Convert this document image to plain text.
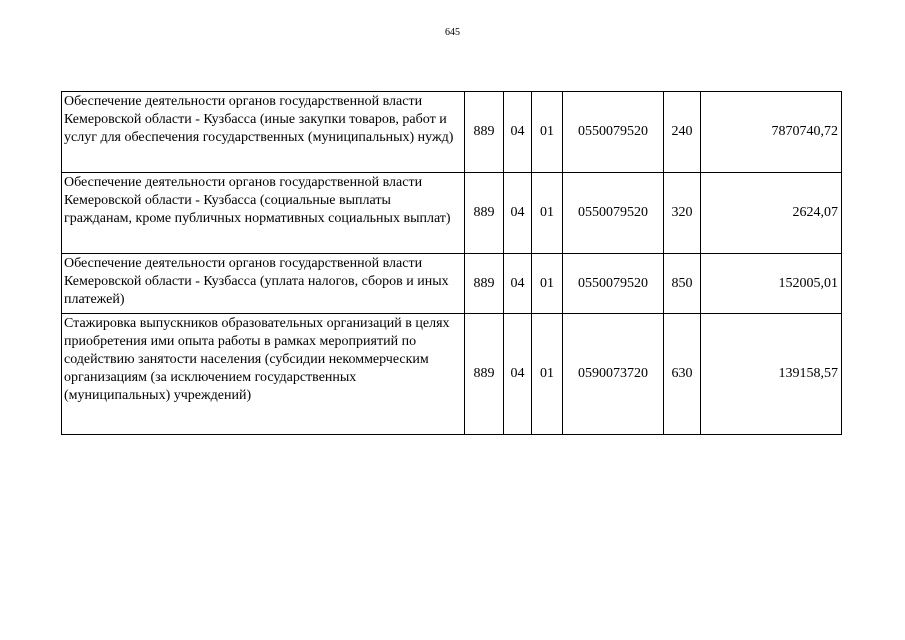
645
Обеспечение деятельности органов государственной власти Кемеровской области - Кузбасса (иные закупки товаров, работ и услуг для обеспечения государственных (муниципальных) нужд)	889	04	01	0550079520	240	7870740,72
Обеспечение деятельности органов государственной власти Кемеровской области - Кузбасса (социальные выплаты гражданам, кроме публичных нормативных социальных выплат)	889	04	01	0550079520	320	2624,07
Обеспечение деятельности органов государственной власти Кемеровской области - Кузбасса (уплата налогов, сборов и иных платежей)	889	04	01	0550079520	850	152005,01
Стажировка выпускников образовательных организаций в целях приобретения ими опыта работы в рамках мероприятий по содействию занятости населения (субсидии некоммерческим организациям (за исключением государственных (муниципальных) учреждений)	889	04	01	0590073720	630	139158,57
